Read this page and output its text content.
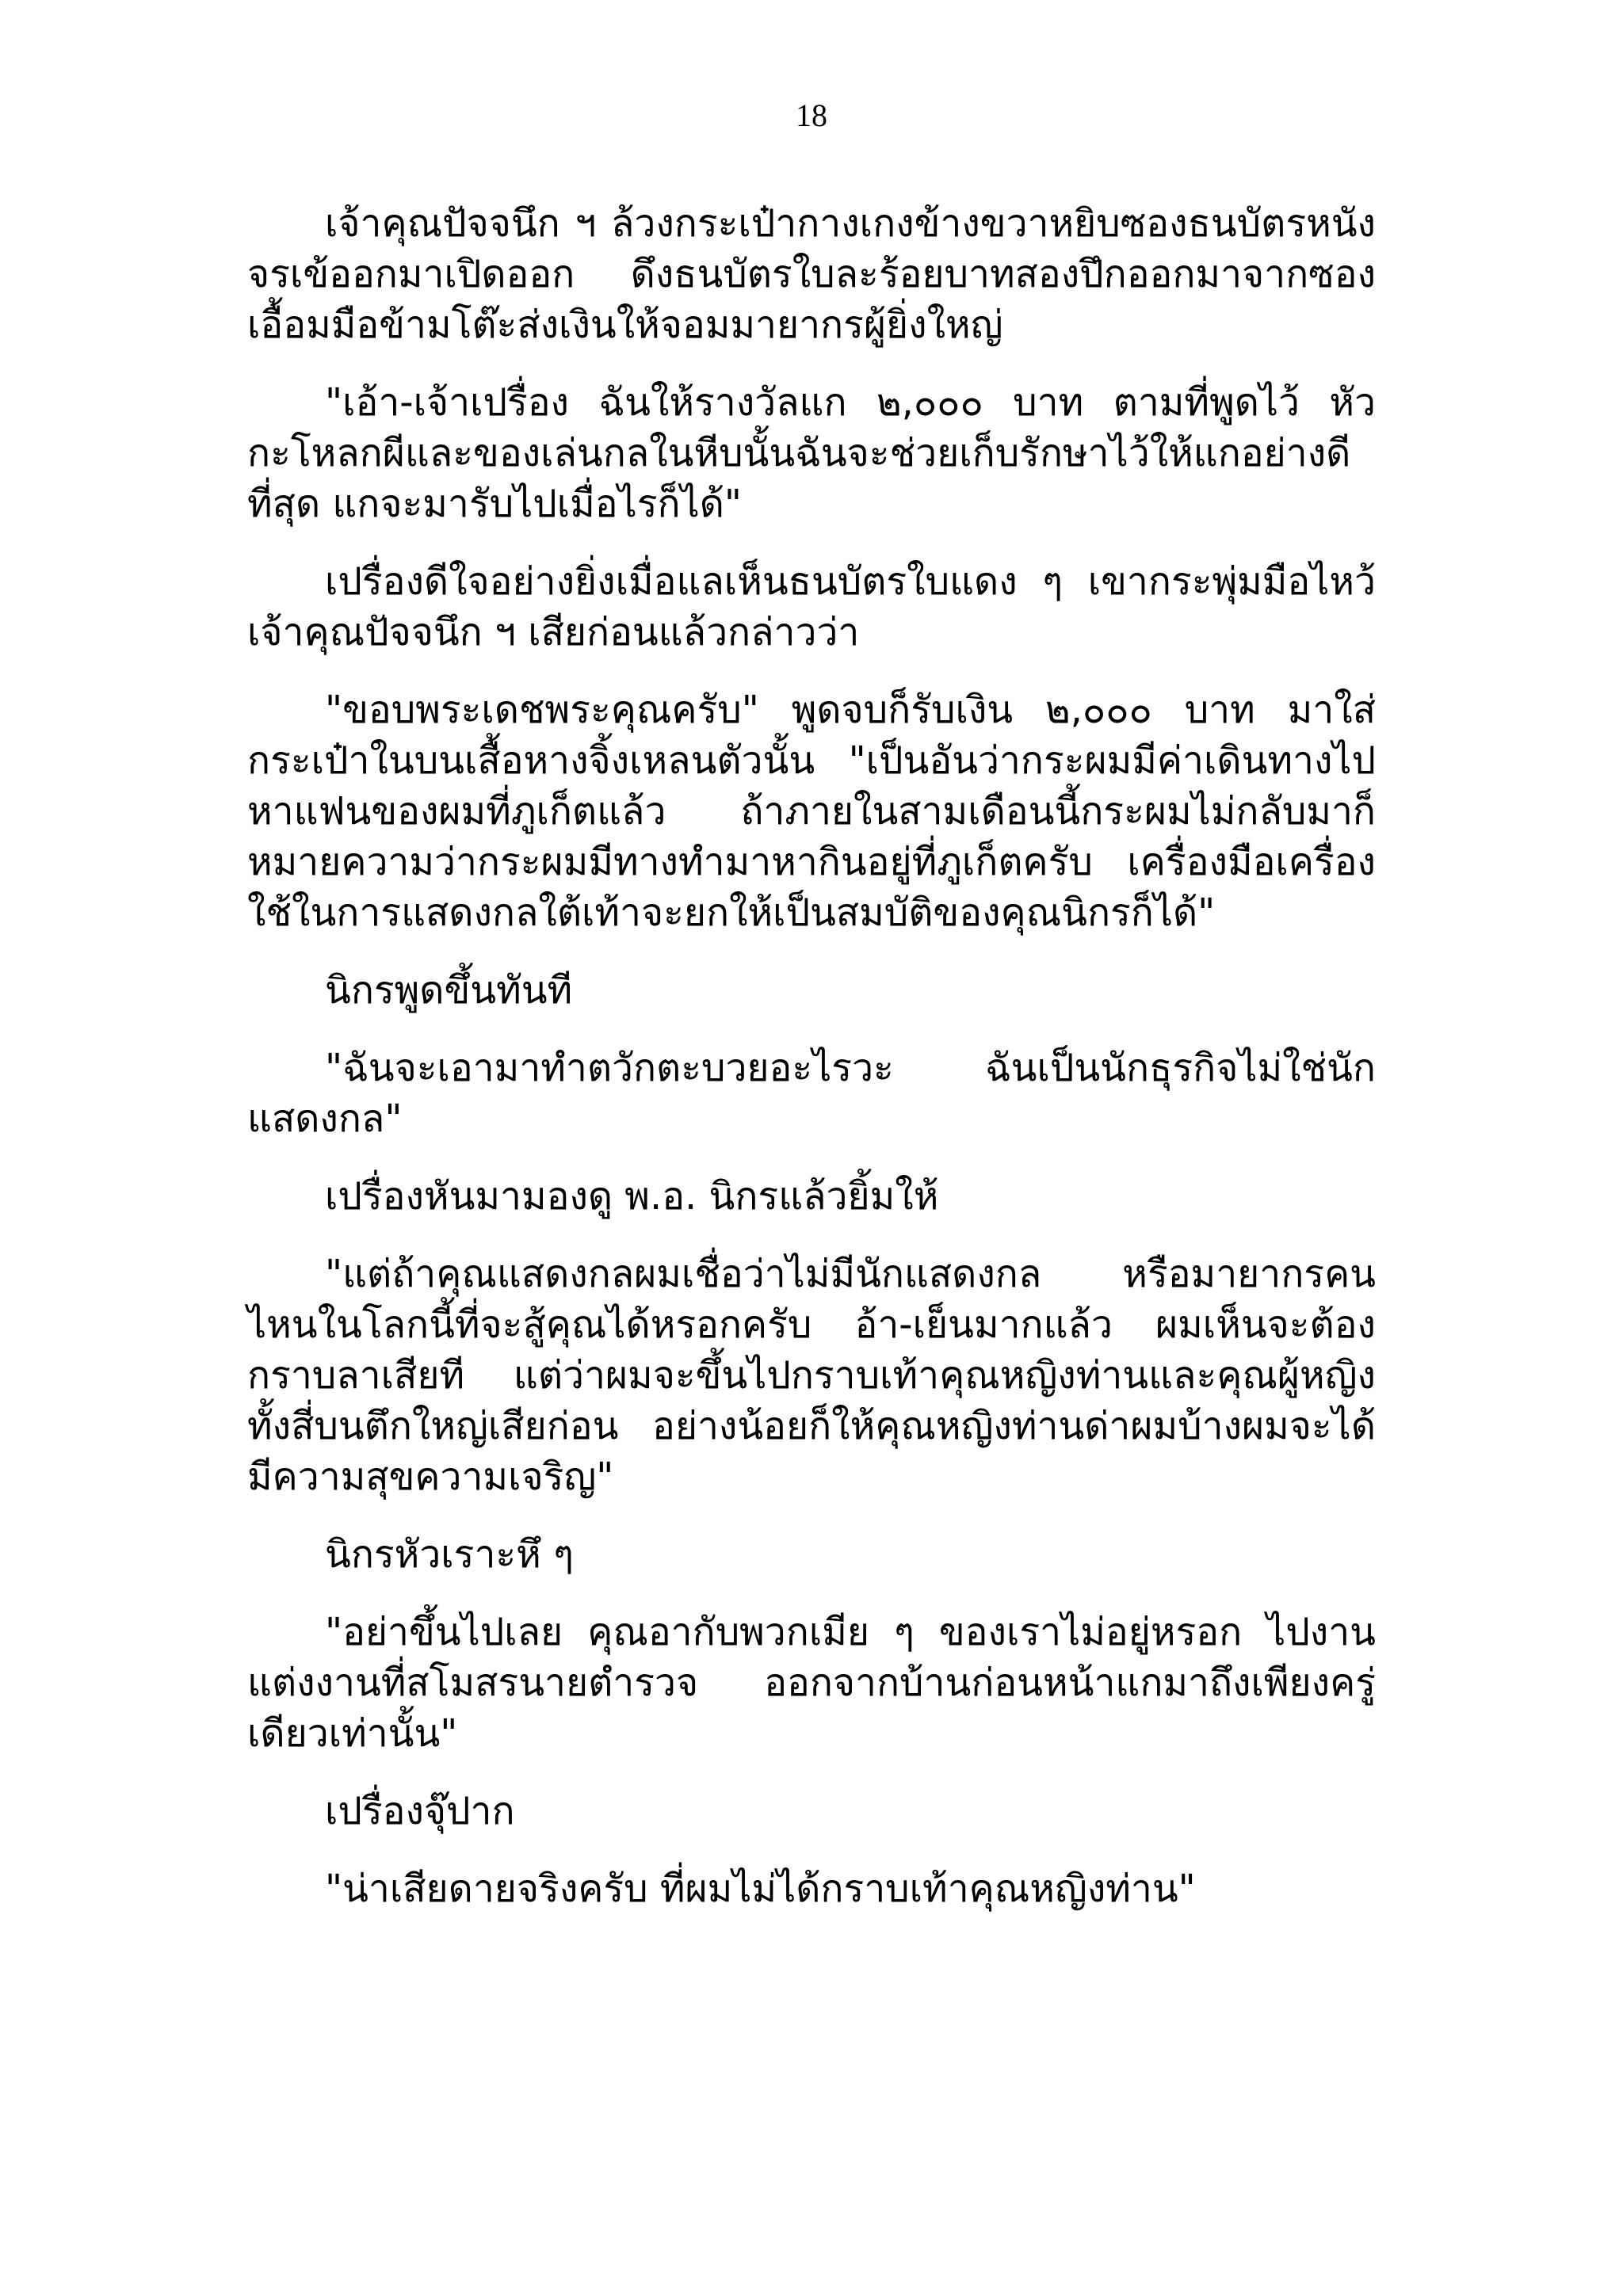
18

เจ้าคุณปัจจนึก ฯ ล้วงกระเป๋ากางเกงข้างขวาหยิบซองธนบัตรหนังจรเข้ออกมาเปิดออก ดึงธนบัตรใบละร้อยบาทสองปึกออกมาจากซอง เอื้อมมือข้ามโต๊ะส่งเงินให้จอมมายากรผู้ยิ่งใหญ่

"เอ้า-เจ้าเปรื่อง ฉันให้รางวัลแก ๒,๐๐๐ บาท ตามที่พูดไว้ หัวกะโหลกผีและของเล่นกลในหีบนั้นฉันจะช่วยเก็บรักษาไว้ให้แกอย่างดีที่สุด แกจะมารับไปเมื่อไรก็ได้"

เปรื่องดีใจอย่างยิ่งเมื่อแลเห็นธนบัตรใบแดง ๆ เขากระพุ่มมือไหว้เจ้าคุณปัจจนึก ฯ เสียก่อนแล้วกล่าวว่า

"ขอบพระเดชพระคุณครับ" พูดจบก็รับเงิน ๒,๐๐๐ บาท มาใส่กระเป๋าในบนเสื้อหางจิ้งเหลนตัวนั้น "เป็นอันว่ากระผมมีค่าเดินทางไปหาแฟนของผมที่ภูเก็ตแล้ว ถ้าภายในสามเดือนนี้กระผมไม่กลับมาก็หมายความว่ากระผมมีทางทำมาหากินอยู่ที่ภูเก็ตครับ เครื่องมือเครื่องใช้ในการแสดงกลใต้เท้าจะยกให้เป็นสมบัติของคุณนิกรก็ได้"

นิกรพูดขึ้นทันที

"ฉันจะเอามาทำตวักตะบวยอะไรวะ ฉันเป็นนักธุรกิจไม่ใช่นักแสดงกล"

เปรื่องหันมามองดู พ.อ. นิกรแล้วยิ้มให้

"แต่ถ้าคุณแสดงกลผมเชื่อว่าไม่มีนักแสดงกล หรือมายากรคนไหนในโลกนี้ที่จะสู้คุณได้หรอกครับ อ้า-เย็นมากแล้ว ผมเห็นจะต้องกราบลาเสียที แต่ว่าผมจะขึ้นไปกราบเท้าคุณหญิงท่านและคุณผู้หญิงทั้งสี่บนตึกใหญ่เสียก่อน อย่างน้อยก็ให้คุณหญิงท่านด่าผมบ้างผมจะได้มีความสุขความเจริญ"

นิกรหัวเราะหึ ๆ

"อย่าขึ้นไปเลย คุณอากับพวกเมีย ๆ ของเราไม่อยู่หรอก ไปงานแต่งงานที่สโมสรนายตำรวจ ออกจากบ้านก่อนหน้าแกมาถึงเพียงครู่เดียวเท่านั้น"

เปรื่องจุ๊ปาก

"น่าเสียดายจริงครับ ที่ผมไม่ได้กราบเท้าคุณหญิงท่าน"
